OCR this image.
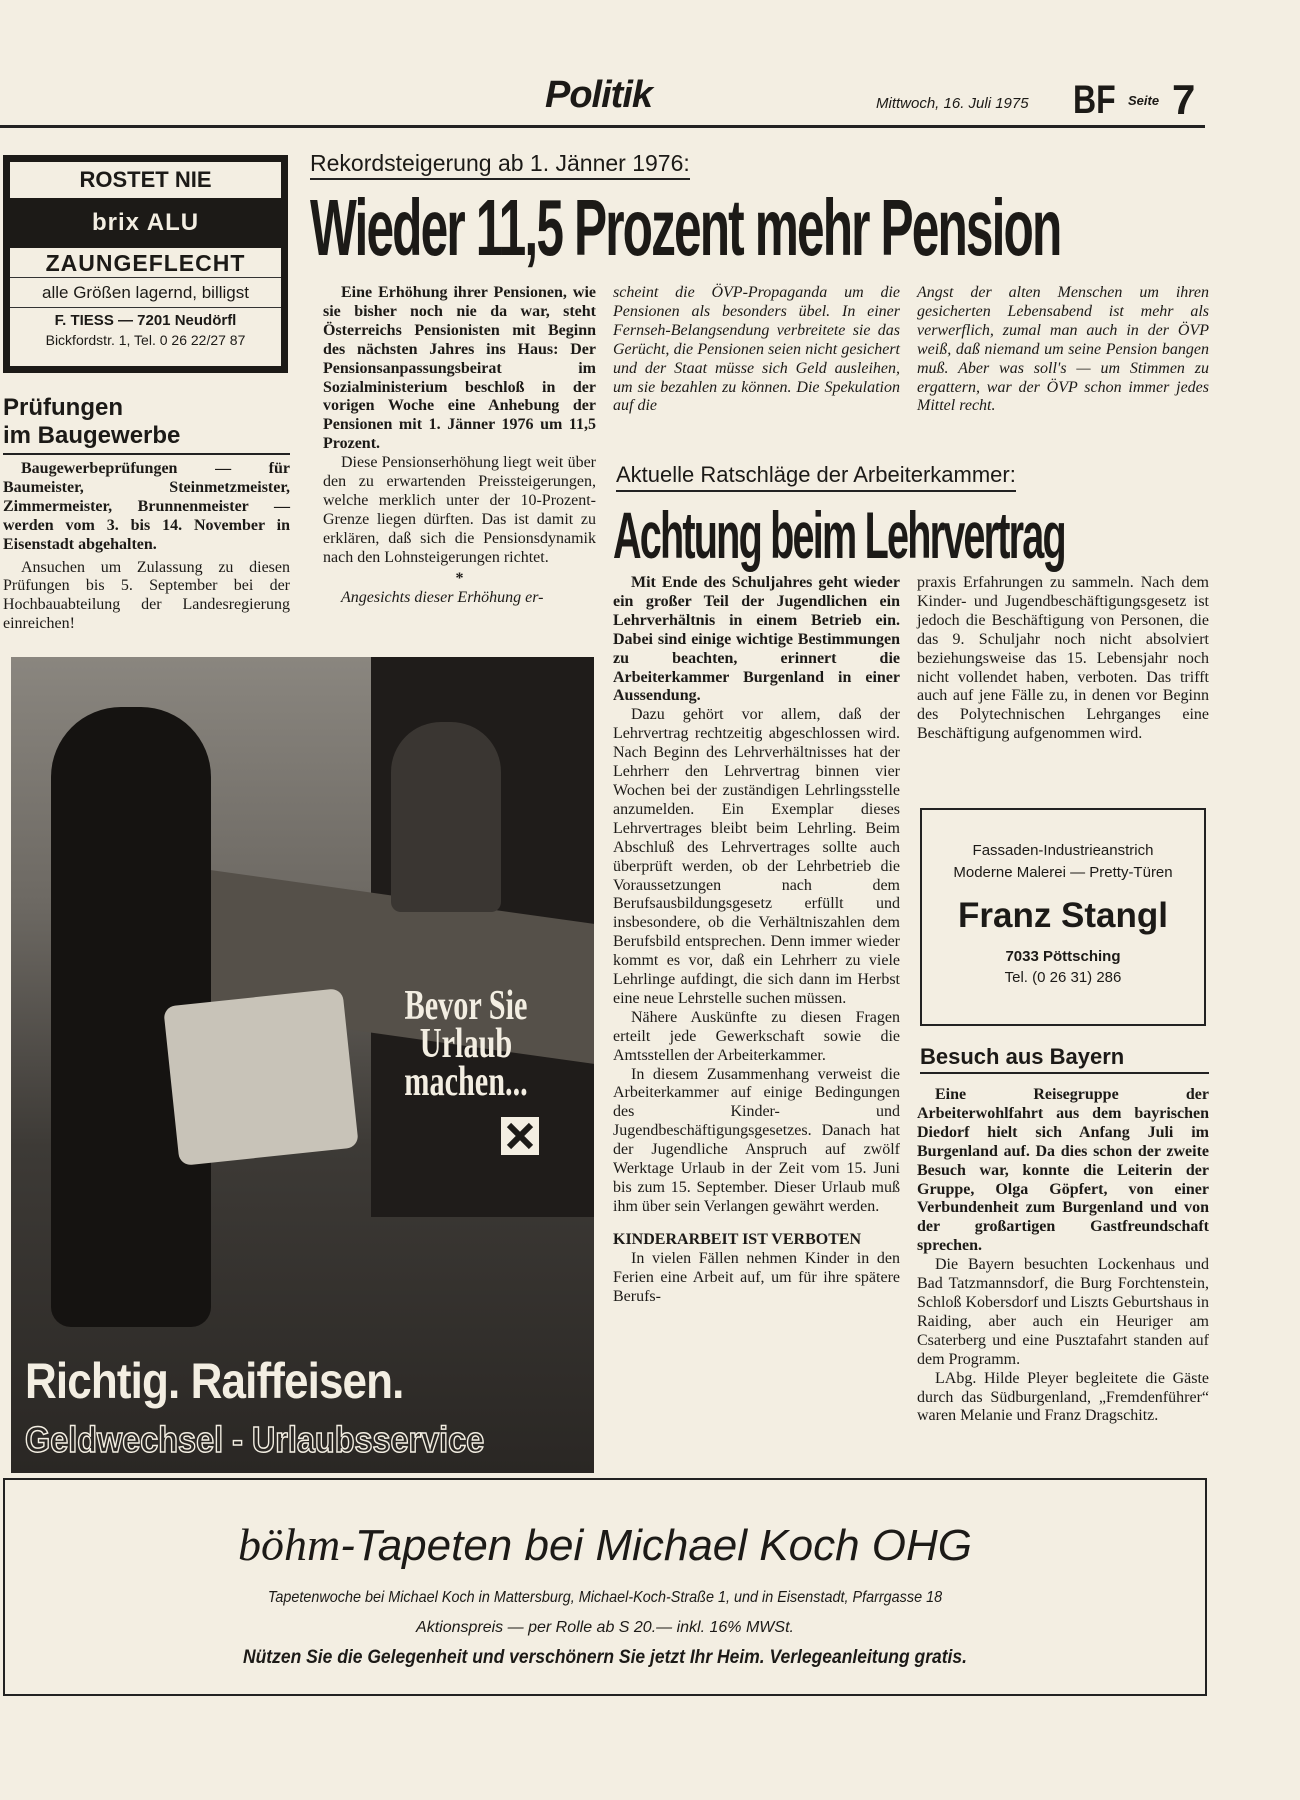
Politik	Mittwoch, 16. Juli 1975 BF Seite 7
ROSTET NIE
brix ALU
ZAUNGEFLECHT
alle Größen lagernd, billigst
F. TIESS — 7201 Neudörfl
Bickfordstr. 1, Tel. 0 26 22/27 87
Prüfungen
im Baugewerbe

Baugewerbeprüfungen — für Baumeister, Steinmetzmeister, Zimmermeister, Brunnenmeister — werden vom 3. bis 14. November in Eisenstadt abgehalten.

Ansuchen um Zulassung zu diesen Prüfungen bis 5. September bei der Hochbauabteilung der Landesregierung einreichen!

Rekordsteigerung ab 1. Jänner 1976:
Wieder 11,5 Prozent mehr Pension

Eine Erhöhung ihrer Pensionen, wie sie bisher noch nie da war, steht Österreichs Pensionisten mit Beginn des nächsten Jahres ins Haus: Der Pensionsanpassungsbeirat im Sozialministerium beschloß in der vorigen Woche eine Anhebung der Pensionen mit 1. Jänner 1976 um 11,5 Prozent.

Diese Pensionserhöhung liegt weit über den zu erwartenden Preissteigerungen, welche merklich unter der 10-Prozent-Grenze liegen dürften. Das ist damit zu erklären, daß sich die Pensionsdynamik nach den Lohnsteigerungen richtet.

*

Angesichts dieser Erhöhung er-

scheint die ÖVP-Propaganda um die Pensionen als besonders übel. In einer Fernseh-Belangsendung verbreitete sie das Gerücht, die Pensionen seien nicht gesichert und der Staat müsse sich Geld ausleihen, um sie bezahlen zu können. Die Spekulation auf die

Angst der alten Menschen um ihren gesicherten Lebensabend ist mehr als verwerflich, zumal man auch in der ÖVP weiß, daß niemand um seine Pension bangen muß. Aber was soll's — um Stimmen zu ergattern, war der ÖVP schon immer jedes Mittel recht.

Aktuelle Ratschläge der Arbeiterkammer:
Achtung beim Lehrvertrag

Mit Ende des Schuljahres geht wieder ein großer Teil der Jugendlichen ein Lehrverhältnis in einem Betrieb ein. Dabei sind einige wichtige Bestimmungen zu beachten, erinnert die Arbeiterkammer Burgenland in einer Aussendung.

Dazu gehört vor allem, daß der Lehrvertrag rechtzeitig abgeschlossen wird. Nach Beginn des Lehrverhältnisses hat der Lehrherr den Lehrvertrag binnen vier Wochen bei der zuständigen Lehrlingsstelle anzumelden. Ein Exemplar dieses Lehrvertrages bleibt beim Lehrling. Beim Abschluß des Lehrvertrages sollte auch überprüft werden, ob der Lehrbetrieb die Voraussetzungen nach dem Berufsausbildungsgesetz erfüllt und insbesondere, ob die Verhältniszahlen dem Berufsbild entsprechen. Denn immer wieder kommt es vor, daß ein Lehrherr zu viele Lehrlinge aufdingt, die sich dann im Herbst eine neue Lehrstelle suchen müssen.

Nähere Auskünfte zu diesen Fragen erteilt jede Gewerkschaft sowie die Amtsstellen der Arbeiterkammer.

In diesem Zusammenhang verweist die Arbeiterkammer auf einige Bedingungen des Kinder- und Jugendbeschäftigungsgesetzes. Danach hat der Jugendliche Anspruch auf zwölf Werktage Urlaub in der Zeit vom 15. Juni bis zum 15. September. Dieser Urlaub muß ihm über sein Verlangen gewährt werden.

KINDERARBEIT IST VERBOTEN

In vielen Fällen nehmen Kinder in den Ferien eine Arbeit auf, um für ihre spätere Berufs-

praxis Erfahrungen zu sammeln. Nach dem Kinder- und Jugendbeschäftigungsgesetz ist jedoch die Beschäftigung von Personen, die das 9. Schuljahr noch nicht absolviert beziehungsweise das 15. Lebensjahr noch nicht vollendet haben, verboten. Das trifft auch auf jene Fälle zu, in denen vor Beginn des Polytechnischen Lehrganges eine Beschäftigung aufgenommen wird.

Fassaden-Industrieanstrich
Moderne Malerei — Pretty-Türen
Franz Stangl
7033 Pöttsching
Tel. (0 26 31) 286
Besuch aus Bayern

Eine Reisegruppe der Arbeiterwohlfahrt aus dem bayrischen Diedorf hielt sich Anfang Juli im Burgenland auf. Da dies schon der zweite Besuch war, konnte die Leiterin der Gruppe, Olga Göpfert, von einer Verbundenheit zum Burgenland und von der großartigen Gastfreundschaft sprechen.

Die Bayern besuchten Lockenhaus und Bad Tatzmannsdorf, die Burg Forchtenstein, Schloß Kobersdorf und Liszts Geburtshaus in Raiding, aber auch ein Heuriger am Csaterberg und eine Pusztafahrt standen auf dem Programm.

LAbg. Hilde Pleyer begleitete die Gäste durch das Südburgenland, „Fremdenführer“ waren Melanie und Franz Dragschitz.

Bevor Sie
Urlaub
machen...
Richtig. Raiffeisen.
Geldwechsel - Urlaubsservice
böhm-Tapeten bei Michael Koch OHG
Tapetenwoche bei Michael Koch in Mattersburg, Michael-Koch-Straße 1, und in Eisenstadt, Pfarrgasse 18
Aktionspreis — per Rolle ab S 20.— inkl. 16% MWSt.
Nützen Sie die Gelegenheit und verschönern Sie jetzt Ihr Heim. Verlegeanleitung gratis.
